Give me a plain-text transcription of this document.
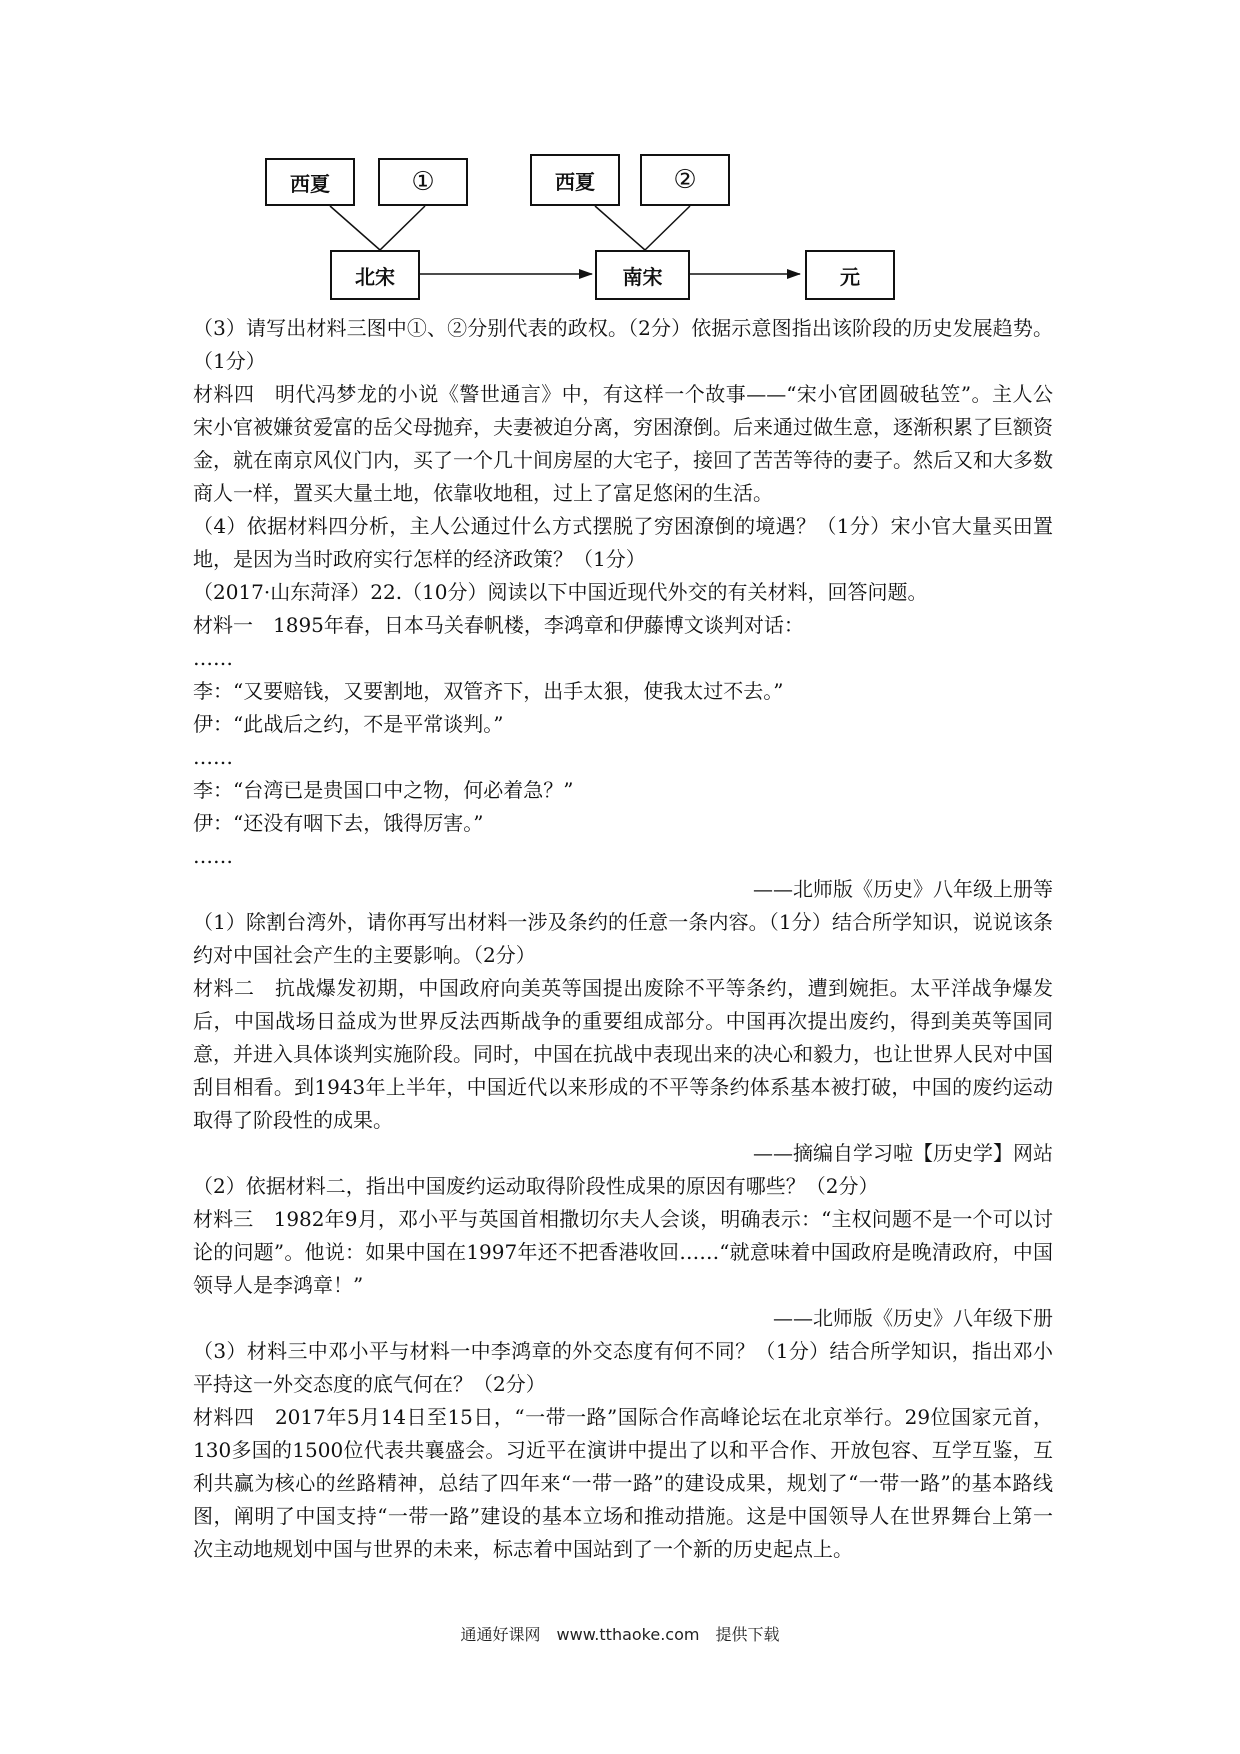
西夏	①	西夏	②
北宋	南宋	元

（3）请写出材料三图中①、②分别代表的政权。（2分）依据示意图指出该阶段的历史发展趋势。（1分）

材料四　明代冯梦龙的小说《警世通言》中，有这样一个故事——“宋小官团圆破毡笠”。主人公宋小官被嫌贫爱富的岳父母抛弃，夫妻被迫分离，穷困潦倒。后来通过做生意，逐渐积累了巨额资金，就在南京风仪门内，买了一个几十间房屋的大宅子，接回了苦苦等待的妻子。然后又和大多数商人一样，置买大量土地，依靠收地租，过上了富足悠闲的生活。

（4）依据材料四分析，主人公通过什么方式摆脱了穷困潦倒的境遇？（1分）宋小官大量买田置地，是因为当时政府实行怎样的经济政策？（1分）

（2017·山东菏泽）22.（10分）阅读以下中国近现代外交的有关材料，回答问题。

材料一　1895年春，日本马关春帆楼，李鸿章和伊藤博文谈判对话：

……

李：“又要赔钱，又要割地，双管齐下，出手太狠，使我太过不去。”

伊：“此战后之约，不是平常谈判。”

……

李：“台湾已是贵国口中之物，何必着急？”

伊：“还没有咽下去，饿得厉害。”

……

——北师版《历史》八年级上册等

（1）除割台湾外，请你再写出材料一涉及条约的任意一条内容。（1分）结合所学知识，说说该条约对中国社会产生的主要影响。（2分）

材料二　抗战爆发初期，中国政府向美英等国提出废除不平等条约，遭到婉拒。太平洋战争爆发后，中国战场日益成为世界反法西斯战争的重要组成部分。中国再次提出废约，得到美英等国同意，并进入具体谈判实施阶段。同时，中国在抗战中表现出来的决心和毅力，也让世界人民对中国刮目相看。到1943年上半年，中国近代以来形成的不平等条约体系基本被打破，中国的废约运动取得了阶段性的成果。

——摘编自学习啦【历史学】网站

（2）依据材料二，指出中国废约运动取得阶段性成果的原因有哪些？（2分）

材料三　1982年9月，邓小平与英国首相撒切尔夫人会谈，明确表示：“主权问题不是一个可以讨论的问题”。他说：如果中国在1997年还不把香港收回……“就意味着中国政府是晚清政府，中国领导人是李鸿章！”

——北师版《历史》八年级下册

（3）材料三中邓小平与材料一中李鸿章的外交态度有何不同？（1分）结合所学知识，指出邓小平持这一外交态度的底气何在？（2分）

材料四　2017年5月14日至15日，“一带一路”国际合作高峰论坛在北京举行。29位国家元首，130多国的1500位代表共襄盛会。习近平在演讲中提出了以和平合作、开放包容、互学互鉴，互利共赢为核心的丝路精神，总结了四年来“一带一路”的建设成果，规划了“一带一路”的基本路线图，阐明了中国支持“一带一路”建设的基本立场和推动措施。这是中国领导人在世界舞台上第一次主动地规划中国与世界的未来，标志着中国站到了一个新的历史起点上。

通通好课网　www.tthaoke.com　提供下载
